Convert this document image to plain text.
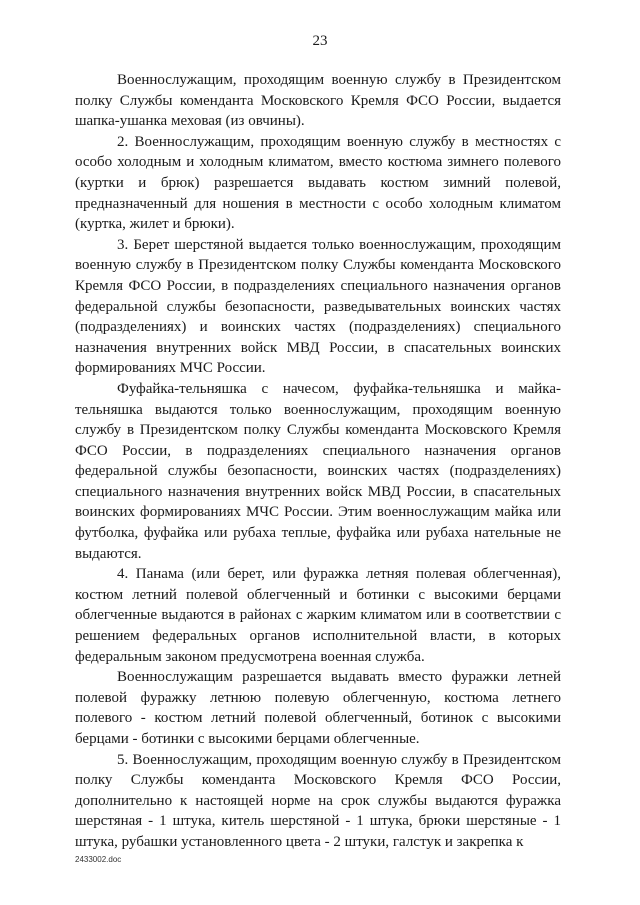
23

Военнослужащим, проходящим военную службу в Президентском полку Службы коменданта Московского Кремля ФСО России, выдается шапка-ушанка меховая (из овчины).

2. Военнослужащим, проходящим военную службу в местностях с особо холодным и холодным климатом, вместо костюма зимнего полевого (куртки и брюк) разрешается выдавать костюм зимний полевой, предназначенный для ношения в местности с особо холодным климатом (куртка, жилет и брюки).

3. Берет шерстяной выдается только военнослужащим, проходящим военную службу в Президентском полку Службы коменданта Московского Кремля ФСО России, в подразделениях специального назначения органов федеральной службы безопасности, разведывательных воинских частях (подразделениях) и воинских частях (подразделениях) специального назначения внутренних войск МВД России, в спасательных воинских формированиях МЧС России.

Фуфайка-тельняшка с начесом, фуфайка-тельняшка и майка-тельняшка выдаются только военнослужащим, проходящим военную службу в Президентском полку Службы коменданта Московского Кремля ФСО России, в подразделениях специального назначения органов федеральной службы безопасности, воинских частях (подразделениях) специального назначения внутренних войск МВД России, в спасательных воинских формированиях МЧС России. Этим военнослужащим майка или футболка, фуфайка или рубаха теплые, фуфайка или рубаха нательные не выдаются.

4. Панама (или берет, или фуражка летняя полевая облегченная), костюм летний полевой облегченный и ботинки с высокими берцами облегченные выдаются в районах с жарким климатом или в соответствии с решением федеральных органов исполнительной власти, в которых федеральным законом предусмотрена военная служба.

Военнослужащим разрешается выдавать вместо фуражки летней полевой фуражку летнюю полевую облегченную, костюма летнего полевого - костюм летний полевой облегченный, ботинок с высокими берцами - ботинки с высокими берцами облегченные.

5. Военнослужащим, проходящим военную службу в Президентском полку Службы коменданта Московского Кремля ФСО России, дополнительно к настоящей норме на срок службы выдаются фуражка шерстяная - 1 штука, китель шерстяной - 1 штука, брюки шерстяные - 1 штука, рубашки установленного цвета - 2 штуки, галстук и закрепка к

2433002.doc
